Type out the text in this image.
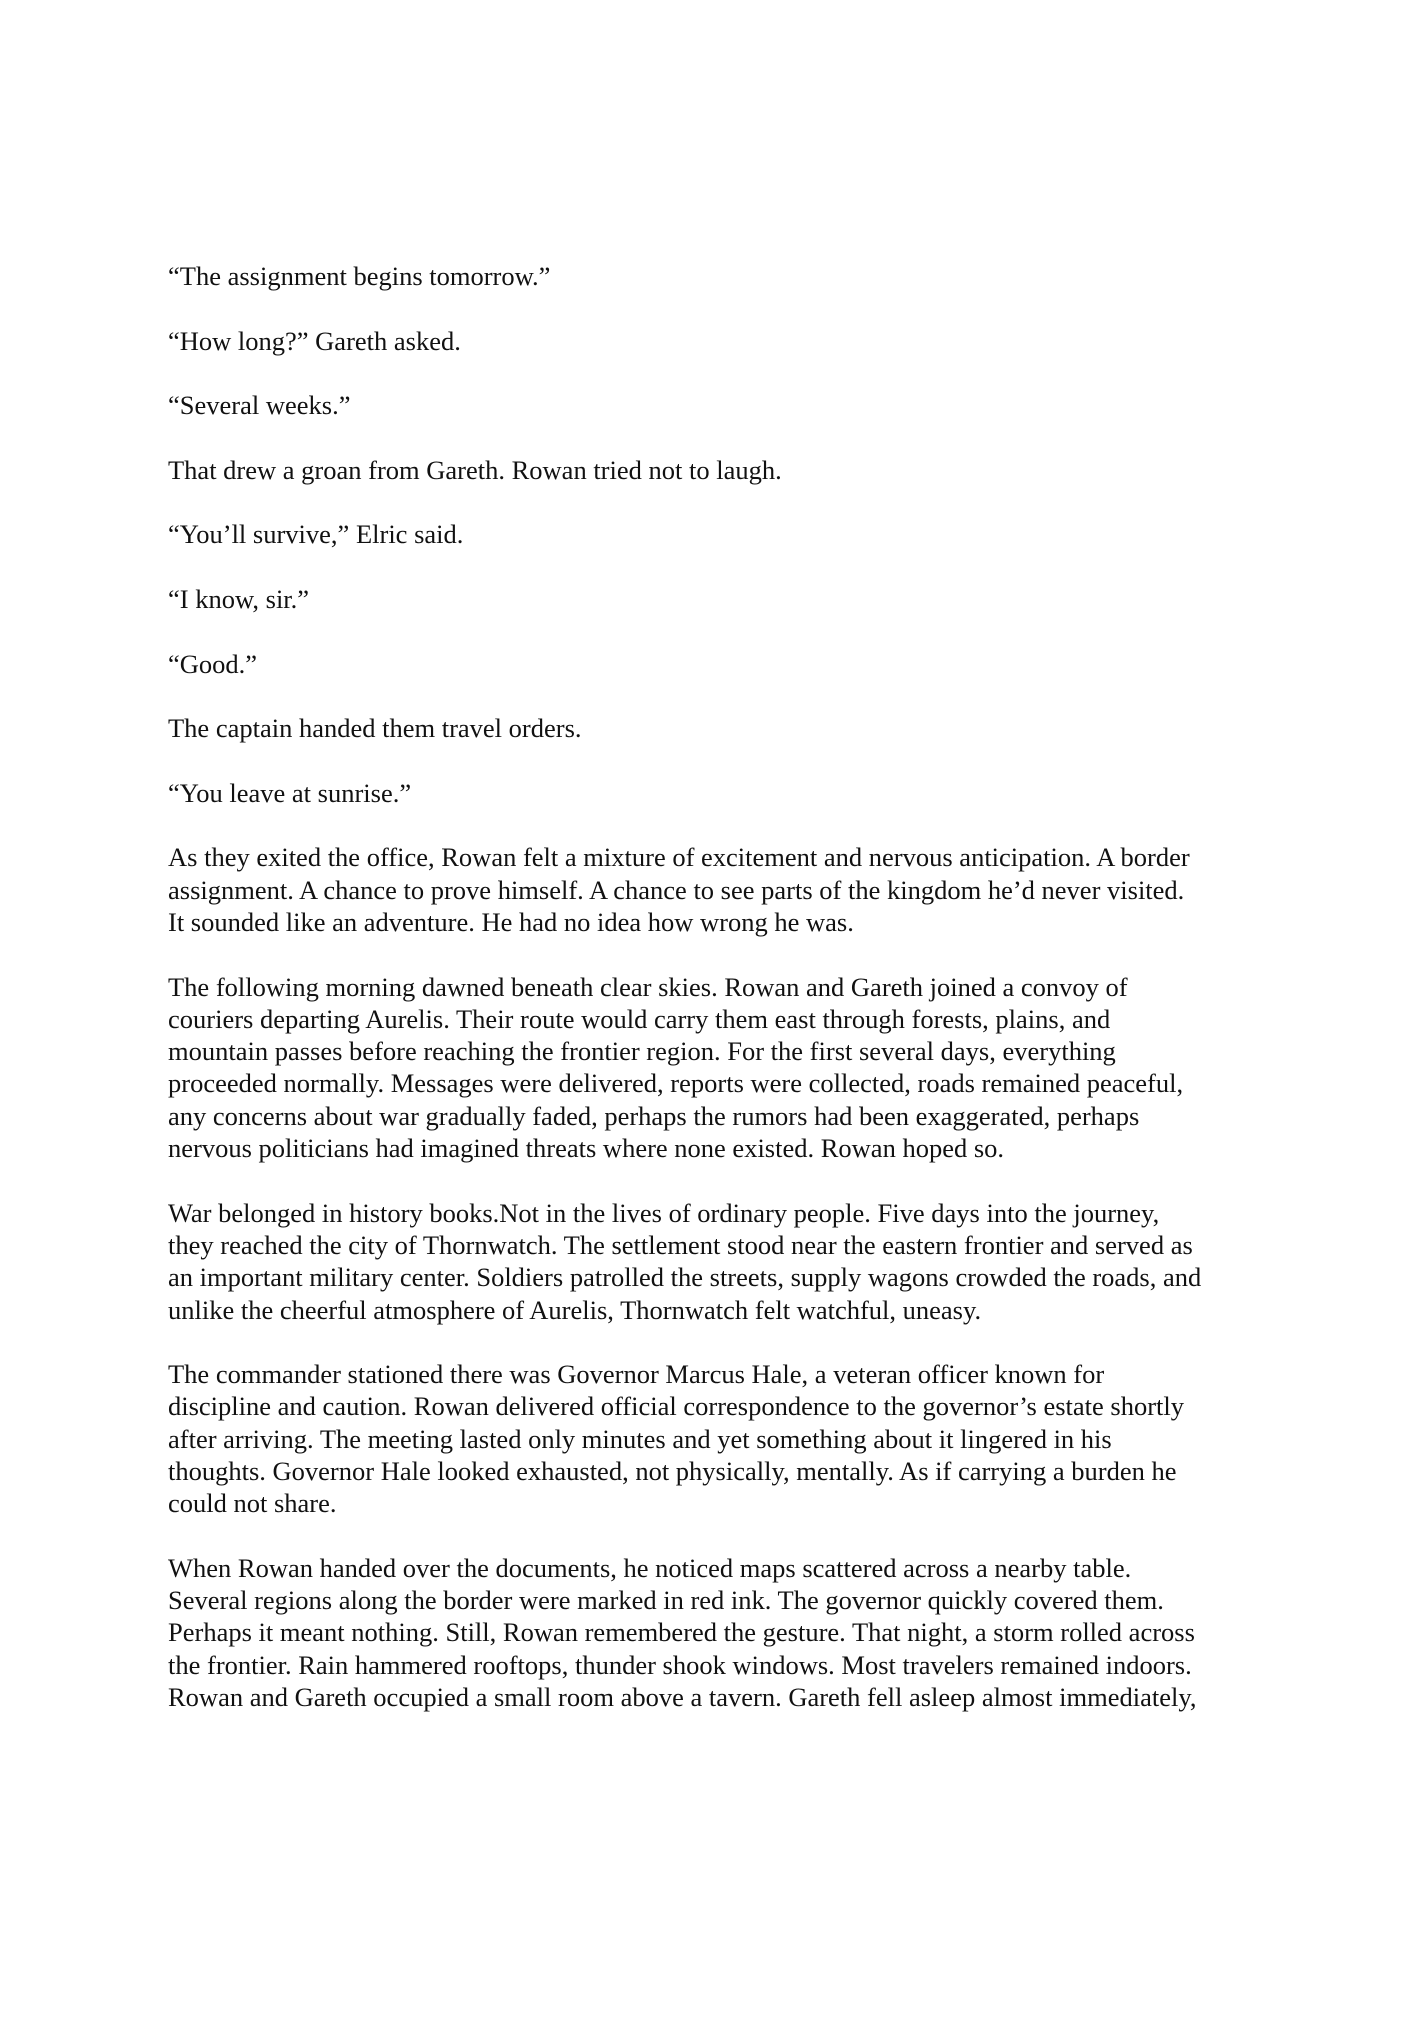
“The assignment begins tomorrow.”

“How long?” Gareth asked.

“Several weeks.”

That drew a groan from Gareth. Rowan tried not to laugh.

“You’ll survive,” Elric said.

“I know, sir.”

“Good.”

The captain handed them travel orders.

“You leave at sunrise.”

As they exited the office, Rowan felt a mixture of excitement and nervous anticipation. A border
assignment. A chance to prove himself. A chance to see parts of the kingdom he’d never visited.
It sounded like an adventure. He had no idea how wrong he was.

The following morning dawned beneath clear skies. Rowan and Gareth joined a convoy of
couriers departing Aurelis. Their route would carry them east through forests, plains, and
mountain passes before reaching the frontier region. For the first several days, everything
proceeded normally. Messages were delivered, reports were collected, roads remained peaceful,
any concerns about war gradually faded, perhaps the rumors had been exaggerated, perhaps
nervous politicians had imagined threats where none existed. Rowan hoped so.

War belonged in history books.Not in the lives of ordinary people. Five days into the journey,
they reached the city of Thornwatch. The settlement stood near the eastern frontier and served as
an important military center. Soldiers patrolled the streets, supply wagons crowded the roads, and
unlike the cheerful atmosphere of Aurelis, Thornwatch felt watchful, uneasy.

The commander stationed there was Governor Marcus Hale, a veteran officer known for
discipline and caution. Rowan delivered official correspondence to the governor’s estate shortly
after arriving. The meeting lasted only minutes and yet something about it lingered in his
thoughts. Governor Hale looked exhausted, not physically, mentally. As if carrying a burden he
could not share.

When Rowan handed over the documents, he noticed maps scattered across a nearby table.
Several regions along the border were marked in red ink. The governor quickly covered them.
Perhaps it meant nothing. Still, Rowan remembered the gesture. That night, a storm rolled across
the frontier. Rain hammered rooftops, thunder shook windows. Most travelers remained indoors.
Rowan and Gareth occupied a small room above a tavern. Gareth fell asleep almost immediately,
